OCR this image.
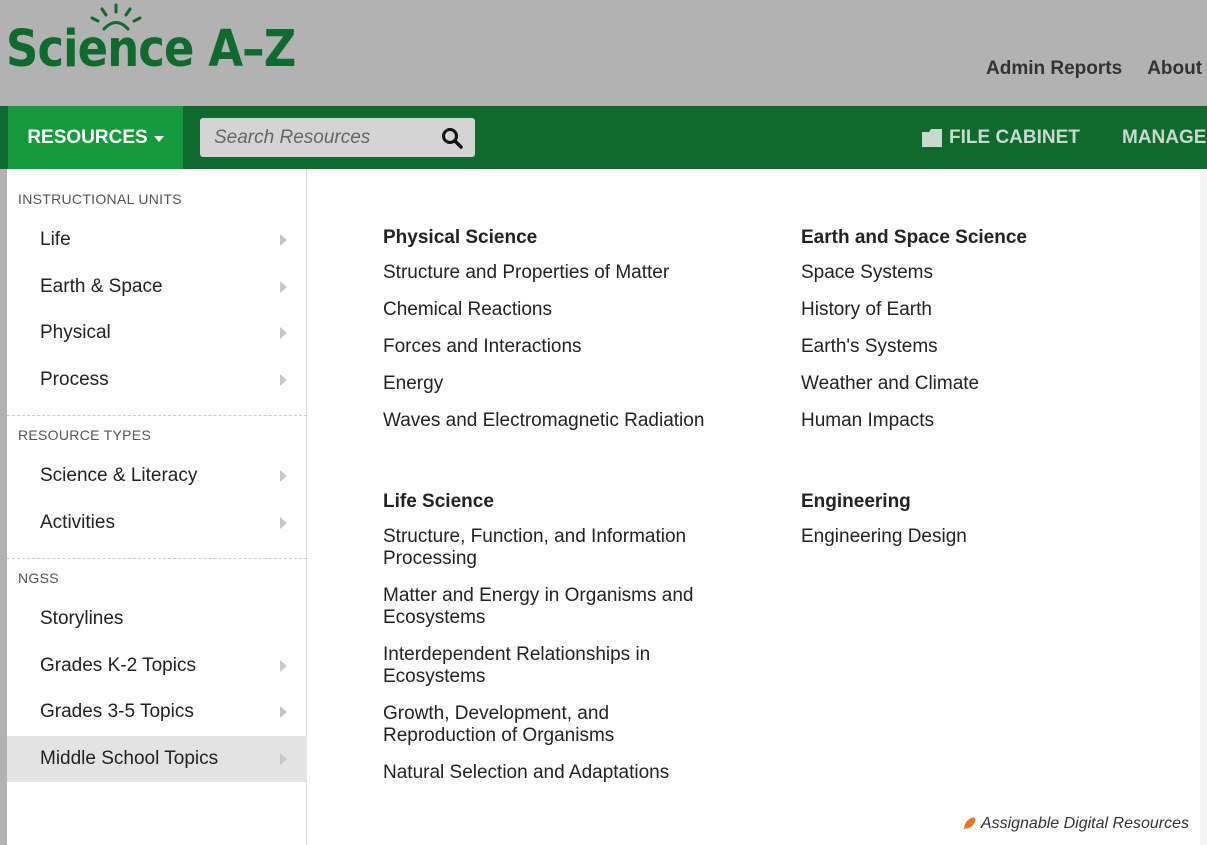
Science A–Z	Admin Reports About
RESOURCES
Search Resources	FILE CABINET MANAGE
INSTRUCTIONAL UNITS
Life
Earth & Space
Physical
Process
RESOURCE TYPES
Science & Literacy
Activities
NGSS
Storylines
Grades K-2 Topics
Grades 3-5 Topics
Middle School Topics
Physical Science
Structure and Properties of Matter
Chemical Reactions
Forces and Interactions
Energy
Waves and Electromagnetic Radiation
Earth and Space Science
Space Systems
History of Earth
Earth's Systems
Weather and Climate
Human Impacts
Life Science
Structure, Function, and Information Processing
Matter and Energy in Organisms and Ecosystems
Interdependent Relationships in Ecosystems
Growth, Development, and Reproduction of Organisms
Natural Selection and Adaptations
Engineering
Engineering Design
Assignable Digital Resources
